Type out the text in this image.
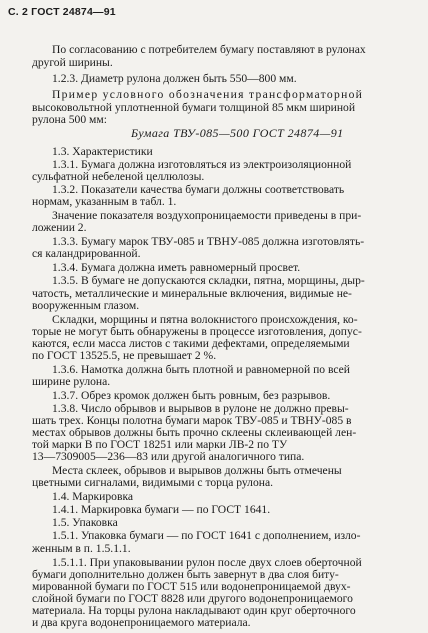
С. 2 ГОСТ 24874—91
По согласованию с потребителем бумагу поставляют в рулонах
другой ширины.
1.2.3. Диаметр рулона должен быть 550—800 мм.
Пример условного обозначения трансформаторной
высоковольтной уплотненной бумаги толщиной 85 мкм шириной
рулона 500 мм:
Бумага ТВУ-085—500 ГОСТ 24874—91
1.3. Характеристики
1.3.1. Бумага должна изготовляться из электроизоляционной
сульфатной небеленой целлюлозы.
1.3.2. Показатели качества бумаги должны соответствовать
нормам, указанным в табл. 1.
Значение показателя воздухопроницаемости приведены в при-
ложении 2.
1.3.3. Бумагу марок ТВУ-085 и ТВНУ-085 должна изготовлять-
ся каландрированной.
1.3.4. Бумага должна иметь равномерный просвет.
1.3.5. В бумаге не допускаются складки, пятна, морщины, дыр-
чатость, металлические и минеральные включения, видимые не-
вооруженным глазом.
Складки, морщины и пятна волокнистого происхождения, ко-
торые не могут быть обнаружены в процессе изготовления, допус-
каются, если масса листов с такими дефектами, определяемыми
по ГОСТ 13525.5, не превышает 2 %.
1.3.6. Намотка должна быть плотной и равномерной по всей
ширине рулона.
1.3.7. Обрез кромок должен быть ровным, без разрывов.
1.3.8. Число обрывов и вырывов в рулоне не должно превы-
шать трех. Концы полотна бумаги марок ТВУ-085 и ТВНУ-085 в
местах обрывов должны быть прочно склеены склеивающей лен-
той марки В по ГОСТ 18251 или марки ЛВ-2 по ТУ
13—7309005—236—83 или другой аналогичного типа.
Места склеек, обрывов и вырывов должны быть отмечены
цветными сигналами, видимыми с торца рулона.
1.4. Маркировка
1.4.1. Маркировка бумаги — по ГОСТ 1641.
1.5. Упаковка
1.5.1. Упаковка бумаги — по ГОСТ 1641 с дополнением, изло-
женным в п. 1.5.1.1.
1.5.1.1. При упаковывании рулон после двух слоев оберточной
бумаги дополнительно должен быть завернут в два слоя биту-
мированной бумаги по ГОСТ 515 или водонепроницаемой двух-
слойной бумаги по ГОСТ 8828 или другого водонепроницаемого
материала. На торцы рулона накладывают один круг оберточного
и два круга водонепроницаемого материала.
